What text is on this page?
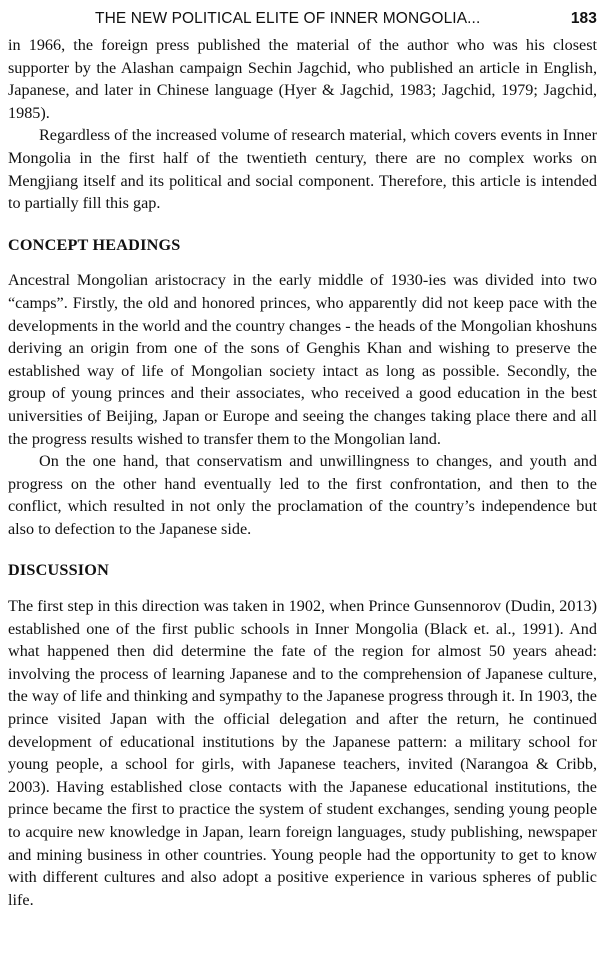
THE NEW POLITICAL ELITE OF INNER MONGOLIA...	183

in 1966, the foreign press published the material of the author who was his closest supporter by the Alashan campaign Sechin Jagchid, who published an article in English, Japanese, and later in Chinese language (Hyer & Jagchid, 1983; Jagchid, 1979; Jagchid, 1985).

Regardless of the increased volume of research material, which covers events in Inner Mongolia in the first half of the twentieth century, there are no complex works on Mengjiang itself and its political and social component. Therefore, this article is intended to partially fill this gap.

CONCEPT HEADINGS

Ancestral Mongolian aristocracy in the early middle of 1930-ies was divided into two “camps”. Firstly, the old and honored princes, who apparently did not keep pace with the developments in the world and the country changes - the heads of the Mongolian khoshuns deriving an origin from one of the sons of Genghis Khan and wishing to preserve the established way of life of Mongolian society intact as long as possible. Secondly, the group of young princes and their associates, who received a good education in the best universities of Beijing, Japan or Europe and seeing the changes taking place there and all the progress results wished to transfer them to the Mongolian land.

On the one hand, that conservatism and unwillingness to changes, and youth and progress on the other hand eventually led to the first confrontation, and then to the conflict, which resulted in not only the proclamation of the country’s independence but also to defection to the Japanese side.

DISCUSSION

The first step in this direction was taken in 1902, when Prince Gunsennorov (Dudin, 2013) established one of the first public schools in Inner Mongolia (Black et. al., 1991). And what happened then did determine the fate of the region for almost 50 years ahead: involving the process of learning Japanese and to the comprehension of Japanese culture, the way of life and thinking and sympathy to the Japanese progress through it. In 1903, the prince visited Japan with the official delegation and after the return, he continued development of educational institutions by the Japanese pattern: a military school for young people, a school for girls, with Japanese teachers, invited (Narangoa & Cribb, 2003). Having established close contacts with the Japanese educational institutions, the prince became the first to practice the system of student exchanges, sending young people to acquire new knowledge in Japan, learn foreign languages, study publishing, newspaper and mining business in other countries. Young people had the opportunity to get to know with different cultures and also adopt a positive experience in various spheres of public life.
